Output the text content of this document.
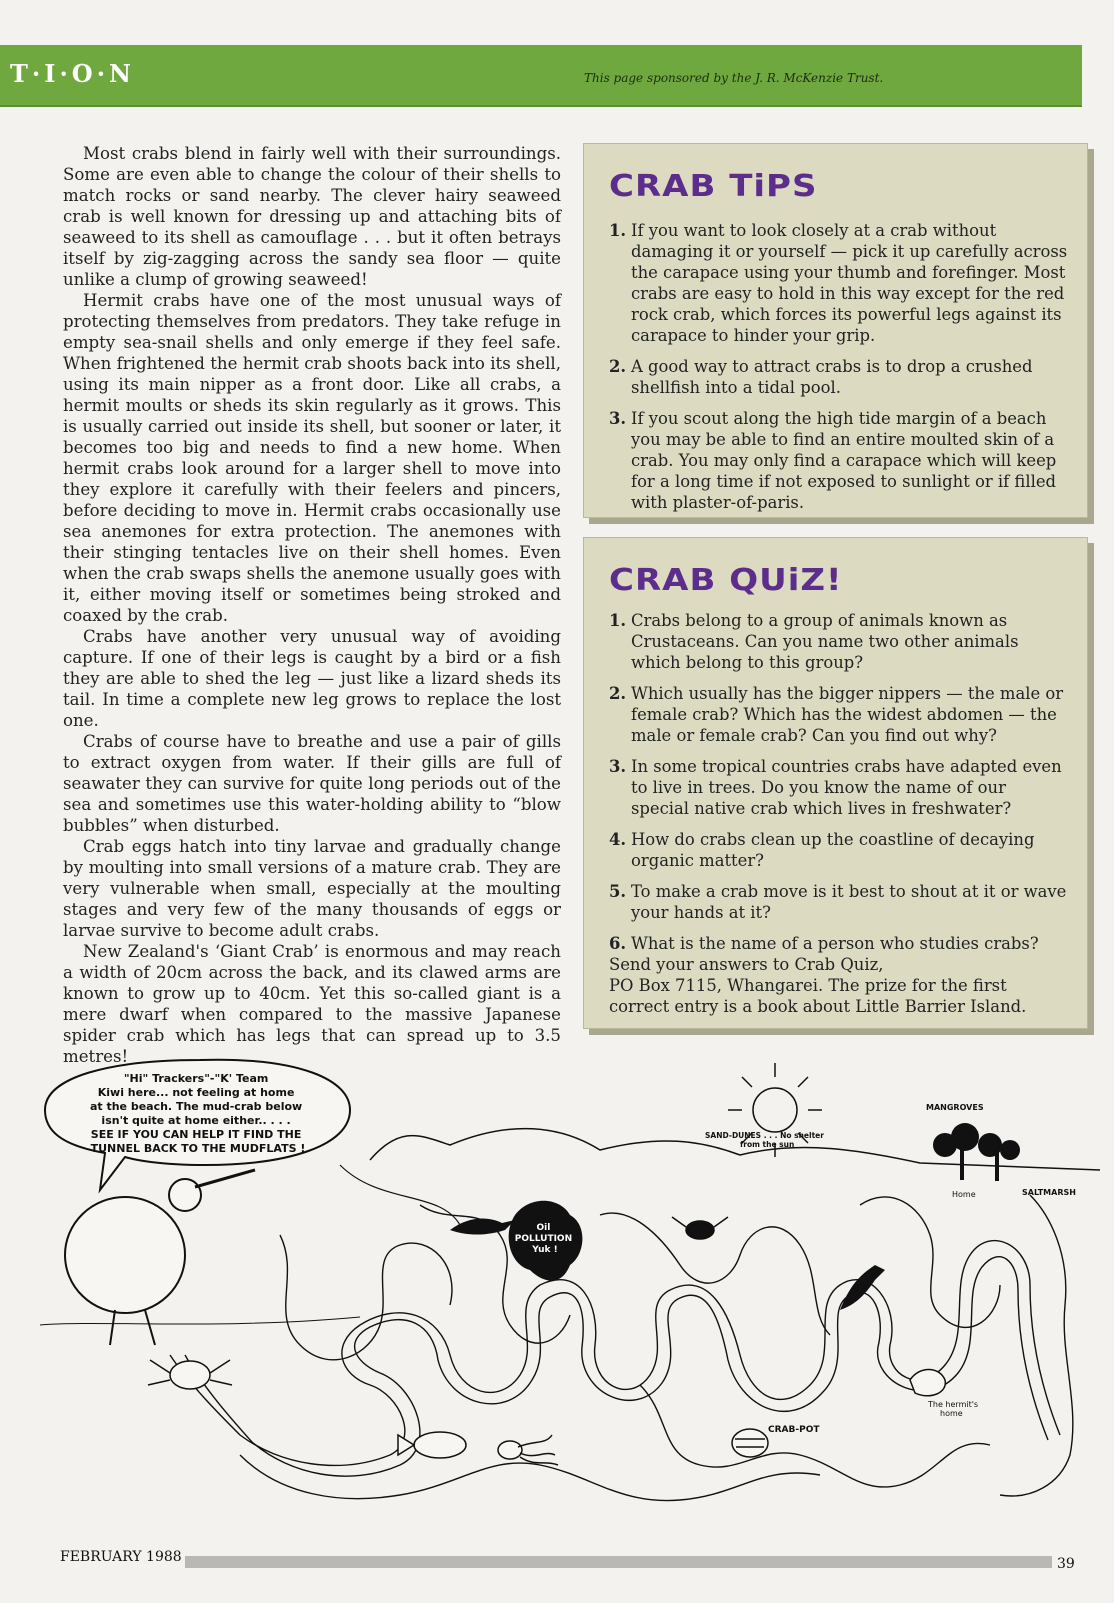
T·I·O·N	This page sponsored by the J. R. McKenzie Trust.

Most crabs blend in fairly well with their surroundings. Some are even able to change the colour of their shells to match rocks or sand nearby. The clever hairy seaweed crab is well known for dressing up and attaching bits of seaweed to its shell as camouflage . . . but it often betrays itself by zig-zagging across the sandy sea floor — quite unlike a clump of growing seaweed!

Hermit crabs have one of the most unusual ways of protecting themselves from predators. They take refuge in empty sea-snail shells and only emerge if they feel safe. When frightened the hermit crab shoots back into its shell, using its main nipper as a front door. Like all crabs, a hermit moults or sheds its skin regularly as it grows. This is usually carried out inside its shell, but sooner or later, it becomes too big and needs to find a new home. When hermit crabs look around for a larger shell to move into they explore it carefully with their feelers and pincers, before deciding to move in. Hermit crabs occasionally use sea anemones for extra protection. The anemones with their stinging tentacles live on their shell homes. Even when the crab swaps shells the anemone usually goes with it, either moving itself or sometimes being stroked and coaxed by the crab.

Crabs have another very unusual way of avoiding capture. If one of their legs is caught by a bird or a fish they are able to shed the leg — just like a lizard sheds its tail. In time a complete new leg grows to replace the lost one.

Crabs of course have to breathe and use a pair of gills to extract oxygen from water. If their gills are full of seawater they can survive for quite long periods out of the sea and sometimes use this water-holding ability to “blow bubbles” when disturbed.

Crab eggs hatch into tiny larvae and gradually change by moulting into small versions of a mature crab. They are very vulnerable when small, especially at the moulting stages and very few of the many thousands of eggs or larvae survive to become adult crabs.

New Zealand's ‘Giant Crab’ is enormous and may reach a width of 20cm across the back, and its clawed arms are known to grow up to 40cm. Yet this so-called giant is a mere dwarf when compared to the massive Japanese spider crab which has legs that can spread up to 3.5 metres!

CRAB TiPS
1. If you want to look closely at a crab without damaging it or yourself — pick it up carefully across the carapace using your thumb and forefinger. Most crabs are easy to hold in this way except for the red rock crab, which forces its powerful legs against its carapace to hinder your grip.
2. A good way to attract crabs is to drop a crushed shellfish into a tidal pool.
3. If you scout along the high tide margin of a beach you may be able to find an entire moulted skin of a crab. You may only find a carapace which will keep for a long time if not exposed to sunlight or if filled with plaster-of-paris.
CRAB QUiZ!
1. Crabs belong to a group of animals known as Crustaceans. Can you name two other animals which belong to this group?
2. Which usually has the bigger nippers — the male or female crab? Which has the widest abdomen — the male or female crab? Can you find out why?
3. In some tropical countries crabs have adapted even to live in trees. Do you know the name of our special native crab which lives in freshwater?
4. How do crabs clean up the coastline of decaying organic matter?
5. To make a crab move is it best to shout at it or wave your hands at it?
6. What is the name of a person who studies crabs?
Send your answers to Crab Quiz,
PO Box 7115, Whangarei. The prize for the first correct entry is a book about Little Barrier Island.
"Hi" Trackers"-"K' Team Kiwi here... not feeling at home at the beach. The mud-crab below isn't quite at home either.. . . . SEE IF YOU CAN HELP IT FIND THE TUNNEL BACK TO THE MUDFLATS !
Oil POLLUTION Yuk !
CRAB-POT
The hermit's home
SAND-DUNES . . . No shelter from the sun
MANGROVES
SALTMARSH
Home
FEBRUARY 1988	39
